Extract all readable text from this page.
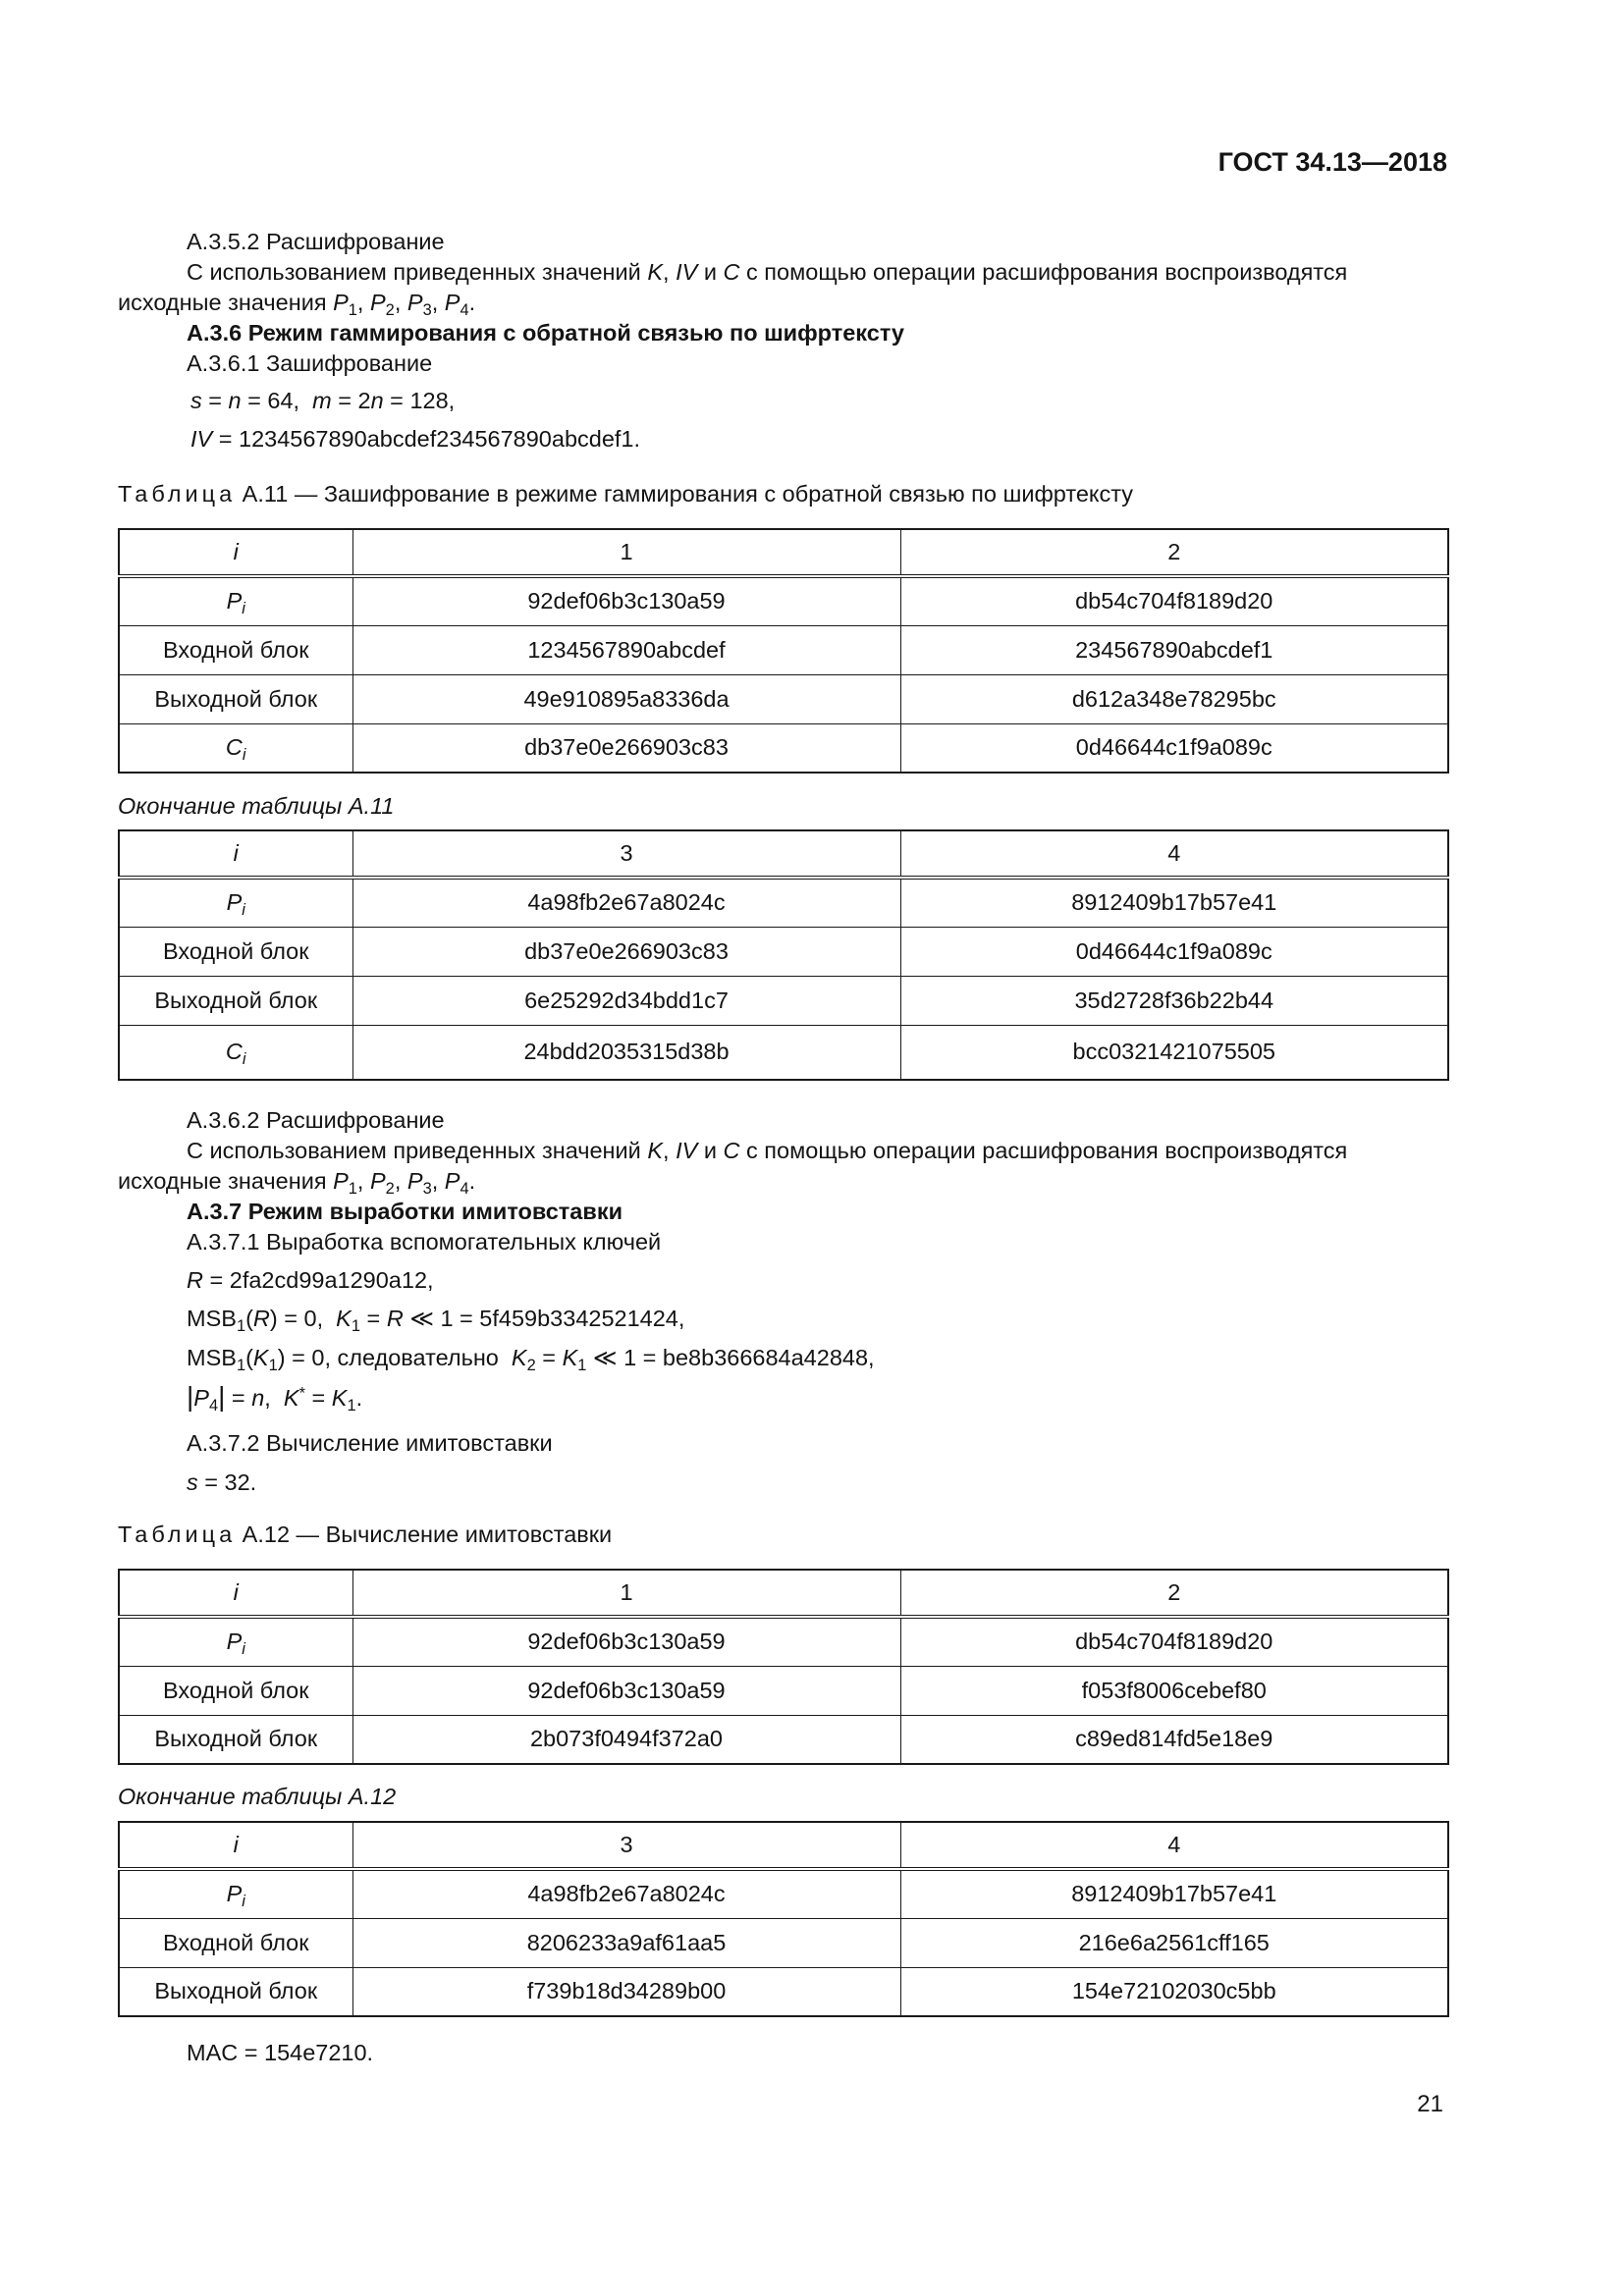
ГОСТ 34.13—2018
А.3.5.2 Расшифрование
С использованием приведенных значений K, IV и C с помощью операции расшифрования воспроизводятся
исходные значения $P_1$, $P_2$, $P_3$, $P_4$.
А.3.6 Режим гаммирования с обратной связью по шифртексту
А.3.6.1 Зашифрование
s = n = 64,  m = 2n = 128,
IV = 1234567890abcdef234567890abcdef1.
Таблица А.11 — Зашифрование в режиме гаммирования с обратной связью по шифртексту
i	1	2
$P_i$	92def06b3c130a59	db54c704f8189d20
Входной блок	1234567890abcdef	234567890abcdef1
Выходной блок	49e910895a8336da	d612a348e78295bc
$C_i$	db37e0e266903c83	0d46644c1f9a089c
Окончание таблицы А.11
i	3	4
$P_i$	4a98fb2e67a8024c	8912409b17b57e41
Входной блок	db37e0e266903c83	0d46644c1f9a089c
Выходной блок	6e25292d34bdd1c7	35d2728f36b22b44
$C_i$	24bdd2035315d38b	bcc0321421075505
А.3.6.2 Расшифрование
С использованием приведенных значений K, IV и C с помощью операции расшифрования воспроизводятся
исходные значения $P_1$, $P_2$, $P_3$, $P_4$.
А.3.7 Режим выработки имитовставки
А.3.7.1 Выработка вспомогательных ключей
R = 2fa2cd99a1290a12,
$MSB_1(R) = 0$,  $K_1 = R$ ≪ 1 = 5f459b3342521424,
$MSB_1(K_1) = 0$, следовательно  $K_2 = K_1$ ≪ 1 = be8b366684a42848,
$|P_4| = n$,  $K^* = K_1$.
А.3.7.2 Вычисление имитовставки
s = 32.
Таблица А.12 — Вычисление имитовставки
i	1	2
$P_i$	92def06b3c130a59	db54c704f8189d20
Входной блок	92def06b3c130a59	f053f8006cebef80
Выходной блок	2b073f0494f372a0	c89ed814fd5e18e9
Окончание таблицы А.12
i	3	4
$P_i$	4a98fb2e67a8024c	8912409b17b57e41
Входной блок	8206233a9af61aa5	216e6a2561cff165
Выходной блок	f739b18d34289b00	154e72102030c5bb
MAC = 154e7210.
21
